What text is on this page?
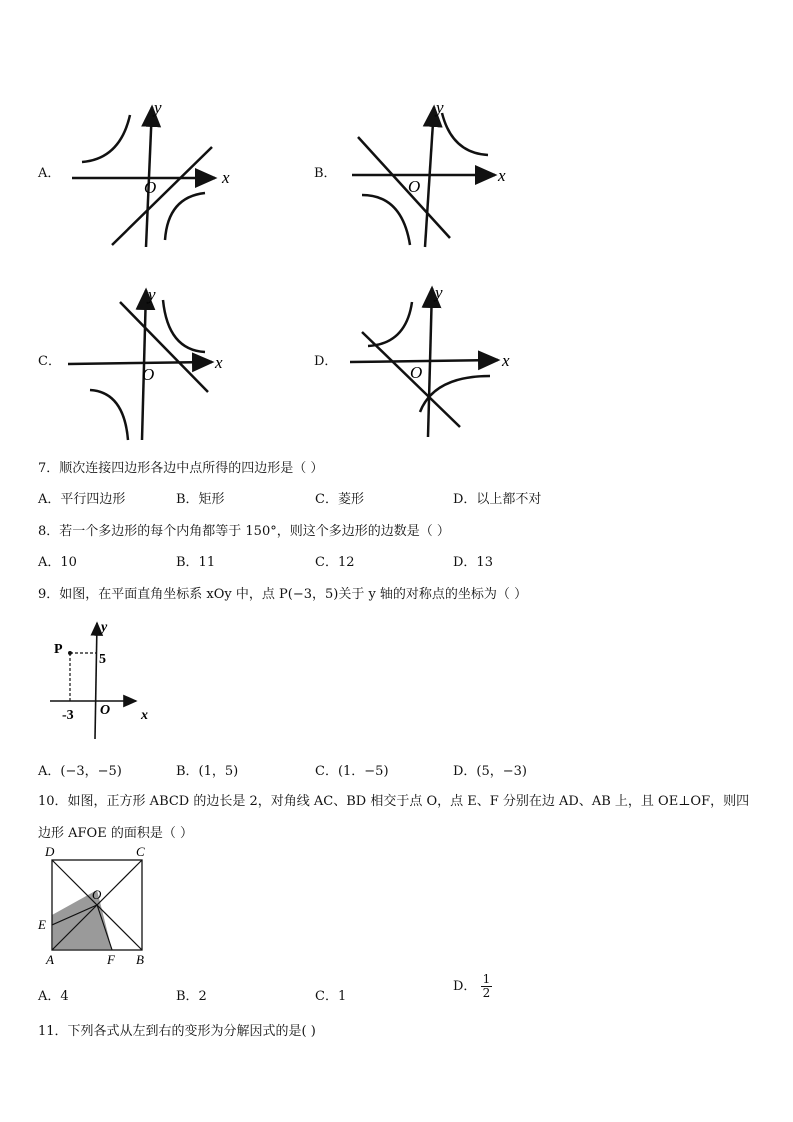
A．	x
y
O
B．	x
y
O
C．	x
y
O
D．	x
y
O
7．顺次连接四边形各边中点所得的四边形是（ ）
A．平行四边形	B．矩形	C．菱形	D．以上都不对
8．若一个多边形的每个内角都等于 150°，则这个多边形的边数是（ ）
A．10	B．11	C．12	D．13
9．如图，在平面直角坐标系 xOy 中，点 P(−3，5)关于 y 轴的对称点的坐标为（ ）
P
5
-3 O x
y
A．(−3，−5)	B．(1，5)	C．(1．−5)	D．(5，−3)
10．如图，正方形 ABCD 的边长是 2，对角线 AC、BD 相交于点 O，点 E、F 分别在边 AD、AB 上，且 OE⊥OF，则四
边形 AFOE 的面积是（ ）
D	C
O
E
A	F B
A．4	B．2	C．1
D． $\frac{1}{2}$
11．下列各式从左到右的变形为分解因式的是( )
